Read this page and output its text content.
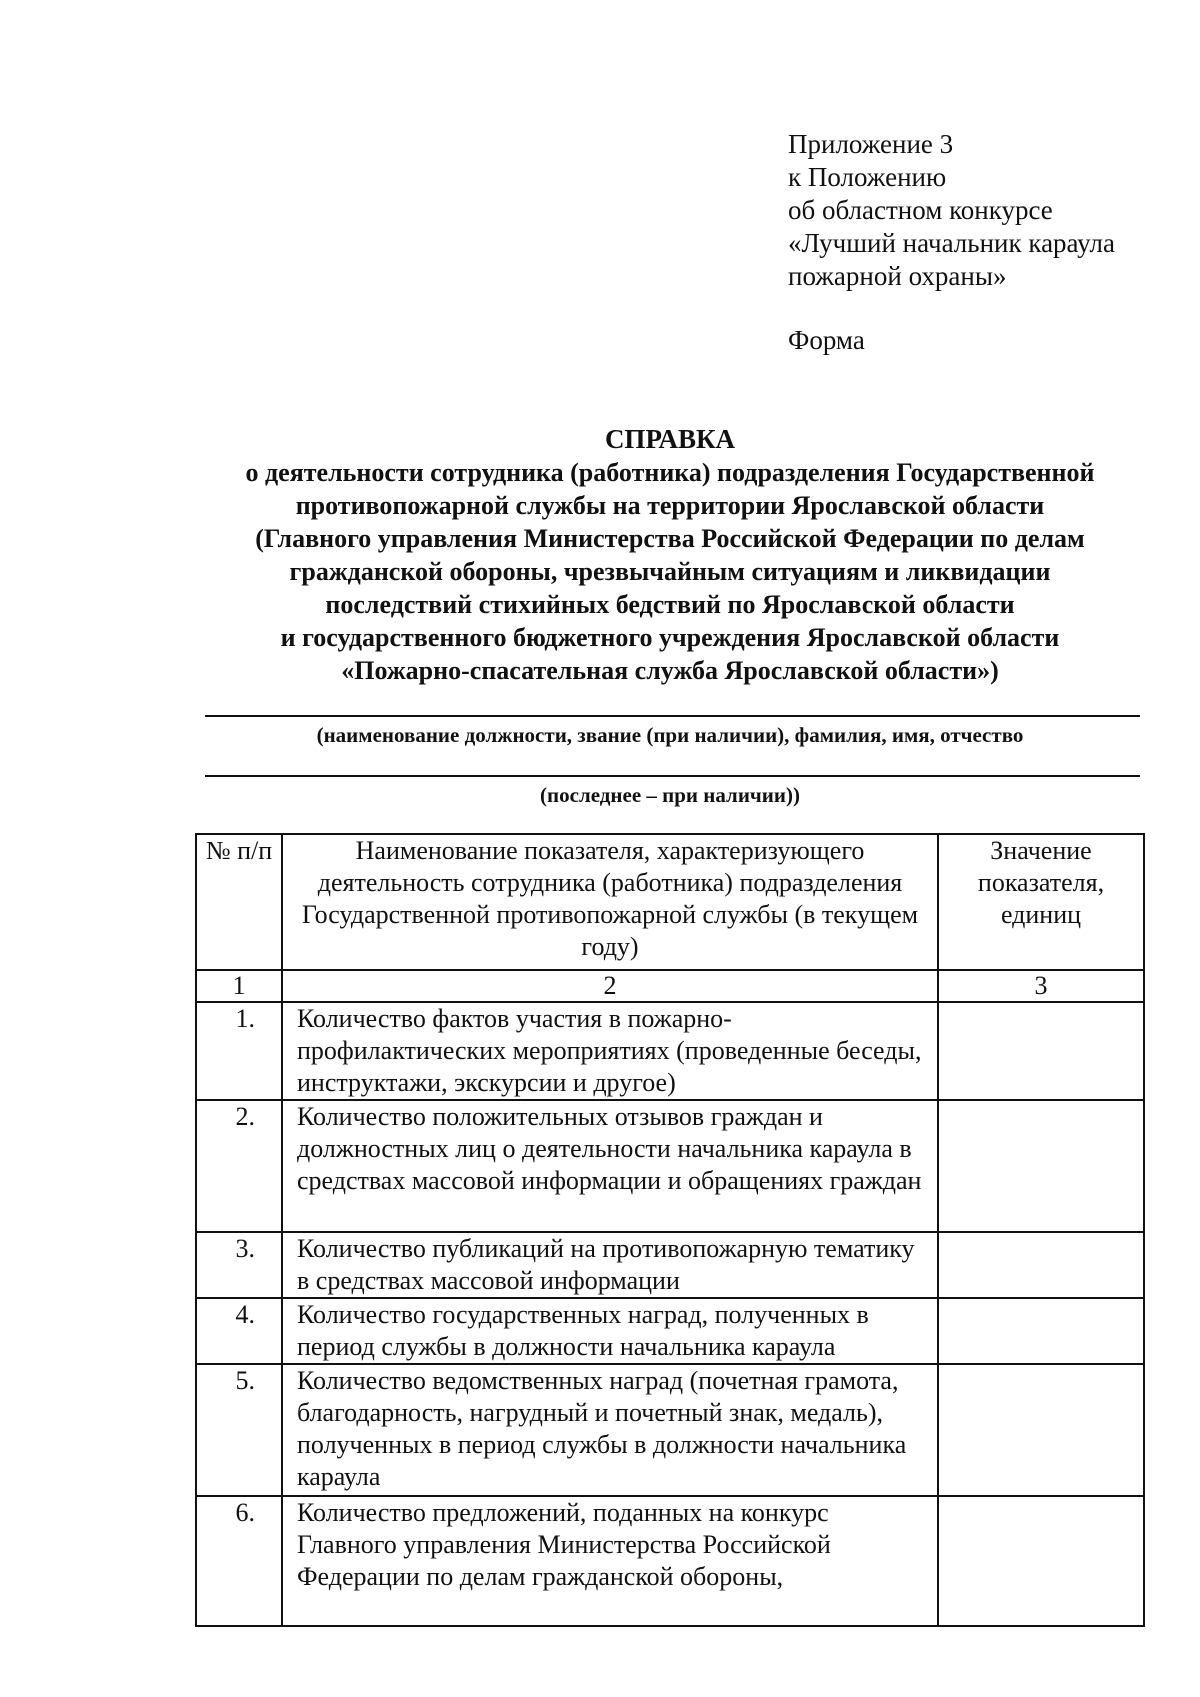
Приложение 3
к Положению
об областном конкурсе
«Лучший начальник караула
пожарной охраны»
Форма
СПРАВКА
о деятельности сотрудника (работника) подразделения Государственной
противопожарной службы на территории Ярославской области
(Главного управления Министерства Российской Федерации по делам
гражданской обороны, чрезвычайным ситуациям и ликвидации
последствий стихийных бедствий по Ярославской области
и государственного бюджетного учреждения Ярославской области
«Пожарно-спасательная служба Ярославской области»)
(наименование должности, звание (при наличии), фамилия, имя, отчество
(последнее – при наличии))
№ п/п	Наименование показателя, характеризующего деятельность сотрудника (работника) подразделения Государственной противопожарной службы (в текущем году)	Значение показателя, единиц
1	2	3
1.	Количество фактов участия в пожарно-профилактических мероприятиях (проведенные беседы, инструктажи, экскурсии и другое)	
2.	Количество положительных отзывов граждан и должностных лиц о деятельности начальника караула в средствах массовой информации и обращениях граждан	
3.	Количество публикаций на противопожарную тематику в средствах массовой информации	
4.	Количество государственных наград, полученных в период службы в должности начальника караула	
5.	Количество ведомственных наград (почетная грамота, благодарность, нагрудный и почетный знак, медаль), полученных в период службы в должности начальника караула	
6.	Количество предложений, поданных на конкурс Главного управления Министерства Российской Федерации по делам гражданской обороны,	
